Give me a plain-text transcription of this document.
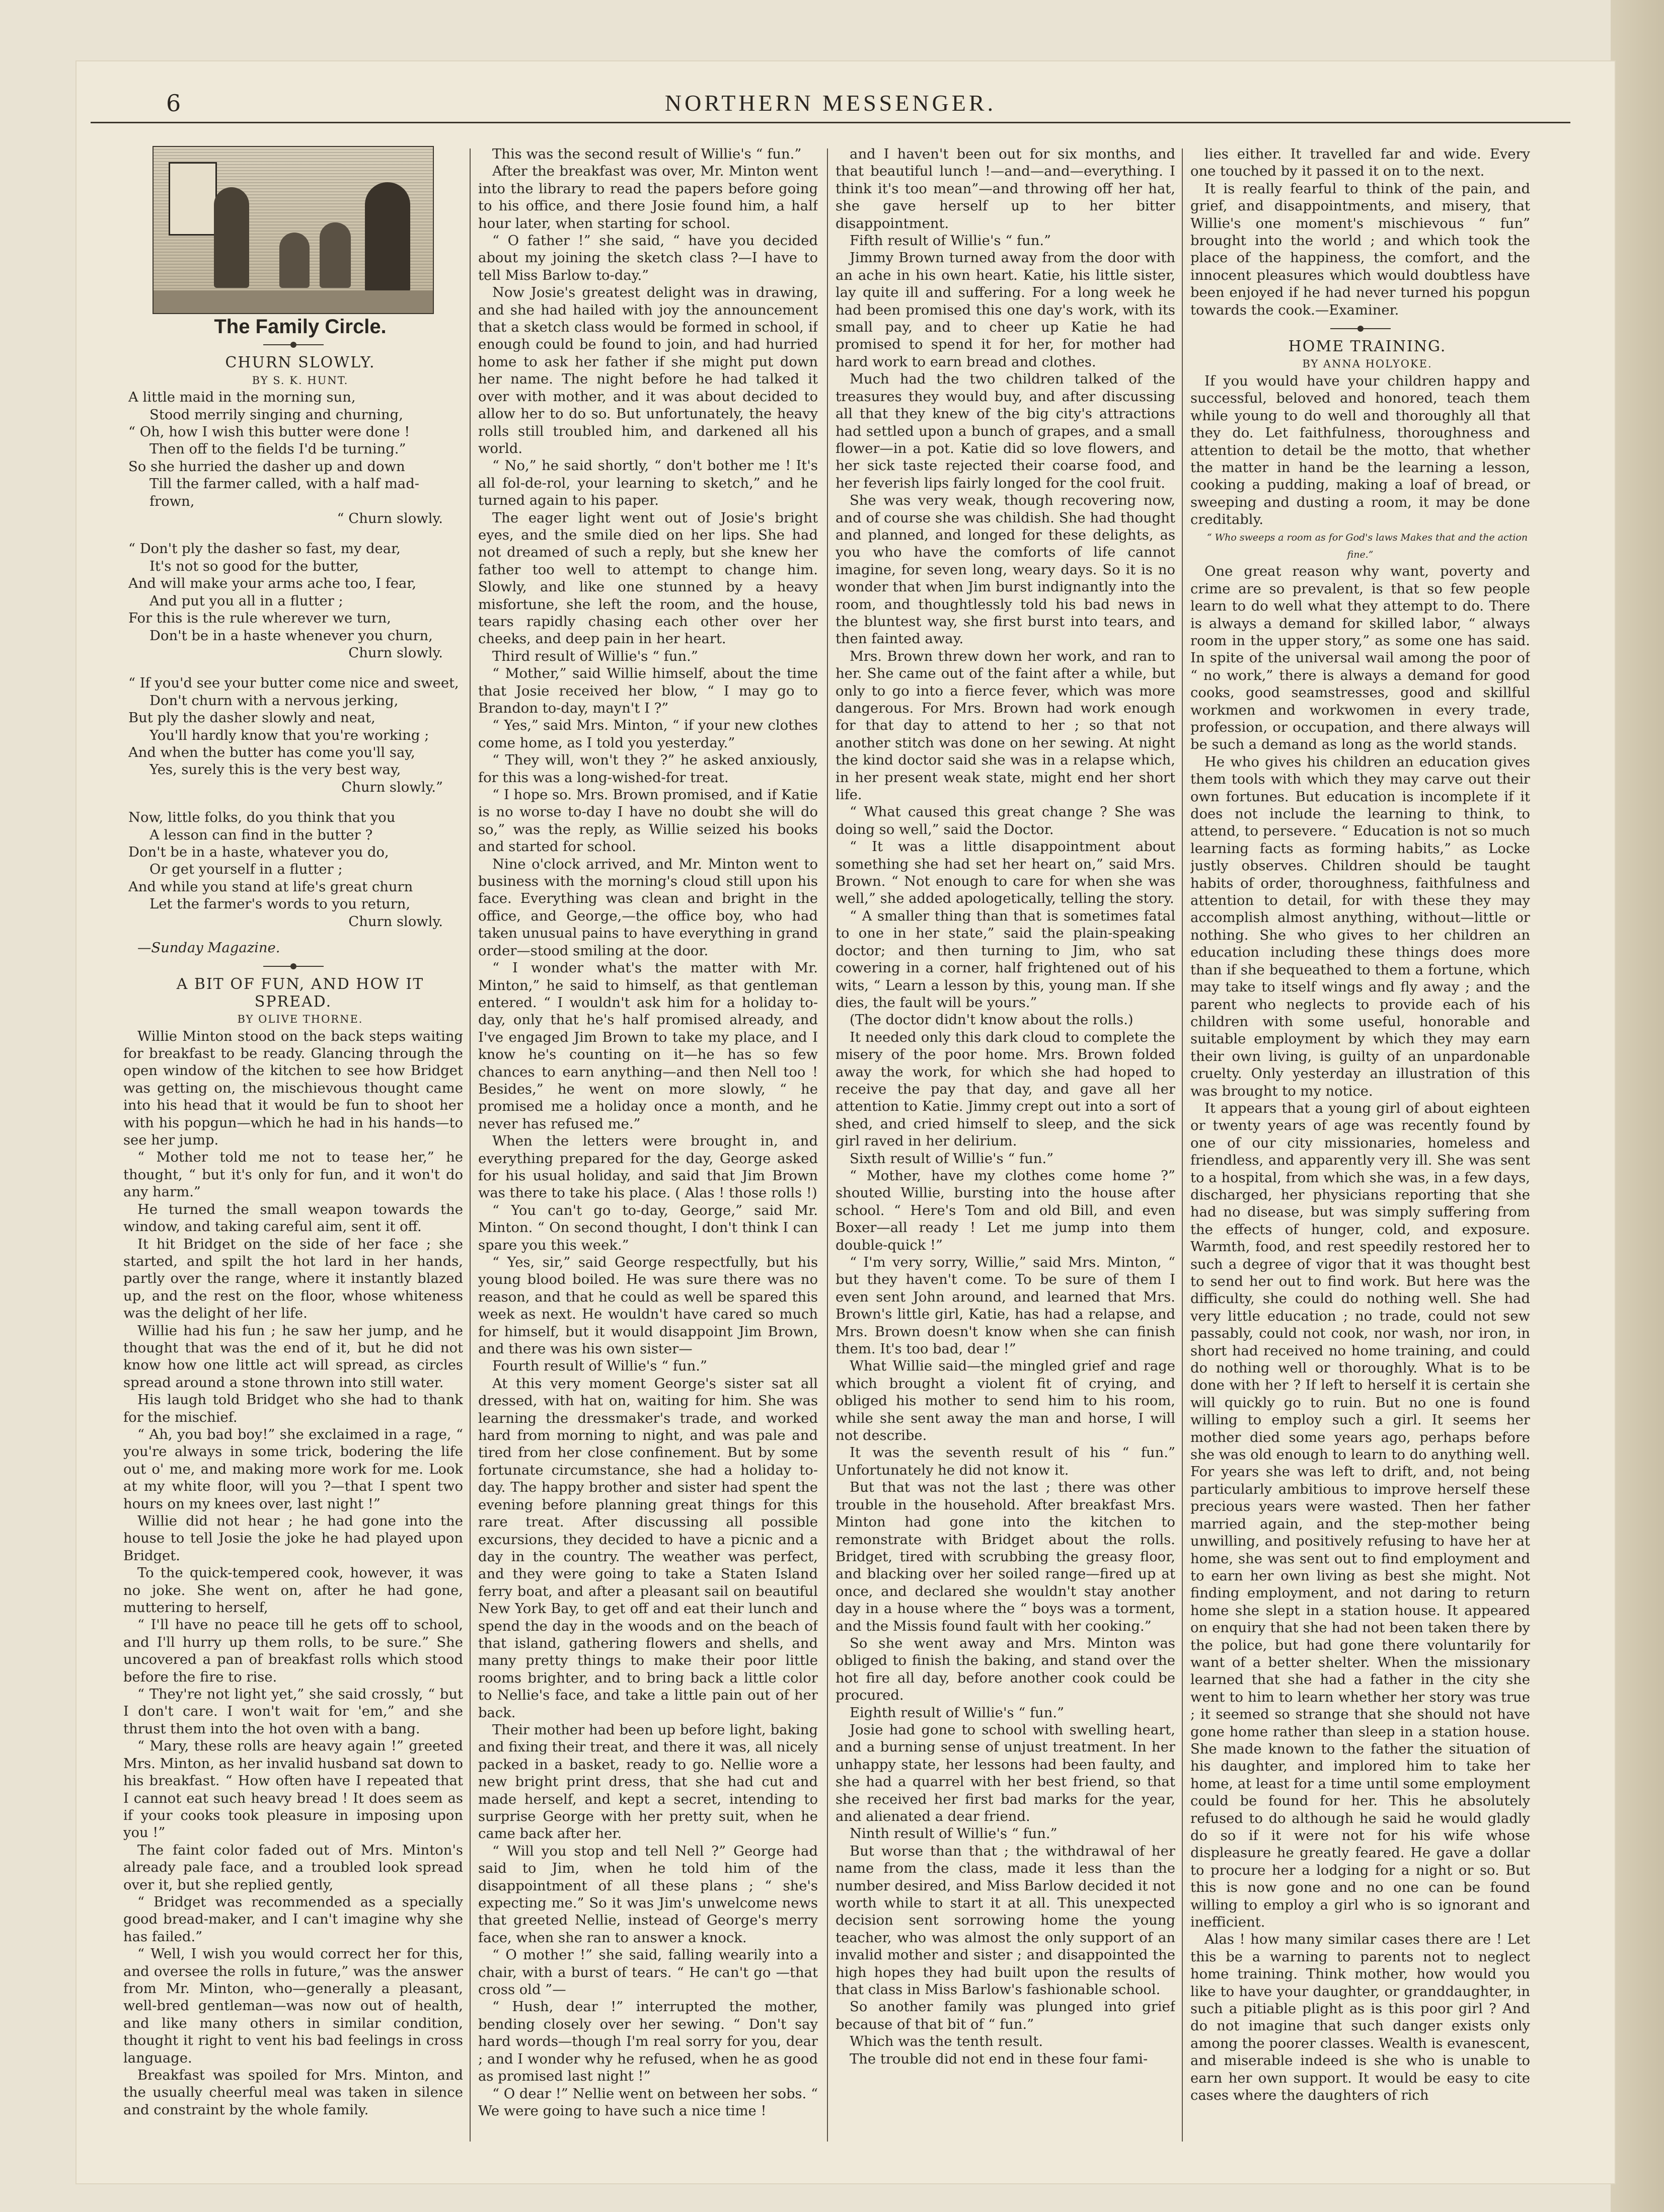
6	NORTHERN MESSENGER.

The Family Circle.

CHURN SLOWLY.

BY S. K. HUNT.

A little maid in the morning sun,
Stood merrily singing and churning,
“ Oh, how I wish this butter were done !
Then off to the fields I'd be turning.”
So she hurried the dasher up and down
Till the farmer called, with a half mad-frown,
“ Churn slowly.
“ Don't ply the dasher so fast, my dear,
It's not so good for the butter,
And will make your arms ache too, I fear,
And put you all in a flutter ;
For this is the rule wherever we turn,
Don't be in a haste whenever you churn,
Churn slowly.
“ If you'd see your butter come nice and sweet,
Don't churn with a nervous jerking,
But ply the dasher slowly and neat,
You'll hardly know that you're working ;
And when the butter has come you'll say,
Yes, surely this is the very best way,
Churn slowly.”
Now, little folks, do you think that you
A lesson can find in the butter ?
Don't be in a haste, whatever you do,
Or get yourself in a flutter ;
And while you stand at life's great churn
Let the farmer's words to you return,
Churn slowly.

—Sunday Magazine.

A BIT OF FUN, AND HOW IT SPREAD.

BY OLIVE THORNE.

Willie Minton stood on the back steps waiting for breakfast to be ready. Glancing through the open window of the kitchen to see how Bridget was getting on, the mischievous thought came into his head that it would be fun to shoot her with his popgun—which he had in his hands—to see her jump.

“ Mother told me not to tease her,” he thought, “ but it's only for fun, and it won't do any harm.”

He turned the small weapon towards the window, and taking careful aim, sent it off.

It hit Bridget on the side of her face ; she started, and spilt the hot lard in her hands, partly over the range, where it instantly blazed up, and the rest on the floor, whose whiteness was the delight of her life.

Willie had his fun ; he saw her jump, and he thought that was the end of it, but he did not know how one little act will spread, as circles spread around a stone thrown into still water.

His laugh told Bridget who she had to thank for the mischief.

“ Ah, you bad boy!” she exclaimed in a rage, “ you're always in some trick, bodering the life out o' me, and making more work for me. Look at my white floor, will you ?—that I spent two hours on my knees over, last night !”

Willie did not hear ; he had gone into the house to tell Josie the joke he had played upon Bridget.

To the quick-tempered cook, however, it was no joke. She went on, after he had gone, muttering to herself,

“ I'll have no peace till he gets off to school, and I'll hurry up them rolls, to be sure.” She uncovered a pan of breakfast rolls which stood before the fire to rise.

“ They're not light yet,” she said crossly, “ but I don't care. I won't wait for 'em,” and she thrust them into the hot oven with a bang.

“ Mary, these rolls are heavy again !” greeted Mrs. Minton, as her invalid husband sat down to his breakfast. “ How often have I repeated that I cannot eat such heavy bread ! It does seem as if your cooks took pleasure in imposing upon you !”

The faint color faded out of Mrs. Minton's already pale face, and a troubled look spread over it, but she replied gently,

“ Bridget was recommended as a specially good bread-maker, and I can't imagine why she has failed.”

“ Well, I wish you would correct her for this, and oversee the rolls in future,” was the answer from Mr. Minton, who—generally a pleasant, well-bred gentleman—was now out of health, and like many others in similar condition, thought it right to vent his bad feelings in cross language.

Breakfast was spoiled for Mrs. Minton, and the usually cheerful meal was taken in silence and constraint by the whole family.

This was the second result of Willie's “ fun.”

After the breakfast was over, Mr. Minton went into the library to read the papers before going to his office, and there Josie found him, a half hour later, when starting for school.

“ O father !” she said, “ have you decided about my joining the sketch class ?—I have to tell Miss Barlow to-day.”

Now Josie's greatest delight was in drawing, and she had hailed with joy the announcement that a sketch class would be formed in school, if enough could be found to join, and had hurried home to ask her father if she might put down her name. The night before he had talked it over with mother, and it was about decided to allow her to do so. But unfortunately, the heavy rolls still troubled him, and darkened all his world.

“ No,” he said shortly, “ don't bother me ! It's all fol-de-rol, your learning to sketch,” and he turned again to his paper.

The eager light went out of Josie's bright eyes, and the smile died on her lips. She had not dreamed of such a reply, but she knew her father too well to attempt to change him. Slowly, and like one stunned by a heavy misfortune, she left the room, and the house, tears rapidly chasing each other over her cheeks, and deep pain in her heart.

Third result of Willie's “ fun.”

“ Mother,” said Willie himself, about the time that Josie received her blow, “ I may go to Brandon to-day, mayn't I ?”

“ Yes,” said Mrs. Minton, “ if your new clothes come home, as I told you yesterday.”

“ They will, won't they ?” he asked anxiously, for this was a long-wished-for treat.

“ I hope so. Mrs. Brown promised, and if Katie is no worse to-day I have no doubt she will do so,” was the reply, as Willie seized his books and started for school.

Nine o'clock arrived, and Mr. Minton went to business with the morning's cloud still upon his face. Everything was clean and bright in the office, and George,—the office boy, who had taken unusual pains to have everything in grand order—stood smiling at the door.

“ I wonder what's the matter with Mr. Minton,” he said to himself, as that gentleman entered. “ I wouldn't ask him for a holiday to-day, only that he's half promised already, and I've engaged Jim Brown to take my place, and I know he's counting on it—he has so few chances to earn anything—and then Nell too ! Besides,” he went on more slowly, “ he promised me a holiday once a month, and he never has refused me.”

When the letters were brought in, and everything prepared for the day, George asked for his usual holiday, and said that Jim Brown was there to take his place. ( Alas ! those rolls !)

“ You can't go to-day, George,” said Mr. Minton. “ On second thought, I don't think I can spare you this week.”

“ Yes, sir,” said George respectfully, but his young blood boiled. He was sure there was no reason, and that he could as well be spared this week as next. He wouldn't have cared so much for himself, but it would disappoint Jim Brown, and there was his own sister—

Fourth result of Willie's “ fun.”

At this very moment George's sister sat all dressed, with hat on, waiting for him. She was learning the dressmaker's trade, and worked hard from morning to night, and was pale and tired from her close confinement. But by some fortunate circumstance, she had a holiday to-day. The happy brother and sister had spent the evening before planning great things for this rare treat. After discussing all possible excursions, they decided to have a picnic and a day in the country. The weather was perfect, and they were going to take a Staten Island ferry boat, and after a pleasant sail on beautiful New York Bay, to get off and eat their lunch and spend the day in the woods and on the beach of that island, gathering flowers and shells, and many pretty things to make their poor little rooms brighter, and to bring back a little color to Nellie's face, and take a little pain out of her back.

Their mother had been up before light, baking and fixing their treat, and there it was, all nicely packed in a basket, ready to go. Nellie wore a new bright print dress, that she had cut and made herself, and kept a secret, intending to surprise George with her pretty suit, when he came back after her.

“ Will you stop and tell Nell ?” George had said to Jim, when he told him of the disappointment of all these plans ; “ she's expecting me.” So it was Jim's unwelcome news that greeted Nellie, instead of George's merry face, when she ran to answer a knock.

“ O mother !” she said, falling wearily into a chair, with a burst of tears. “ He can't go —that cross old ”—

“ Hush, dear !” interrupted the mother, bending closely over her sewing. “ Don't say hard words—though I'm real sorry for you, dear ; and I wonder why he refused, when he as good as promised last night !”

“ O dear !” Nellie went on between her sobs. “ We were going to have such a nice time !

and I haven't been out for six months, and that beautiful lunch !—and—and—everything. I think it's too mean”—and throwing off her hat, she gave herself up to her bitter disappointment.

Fifth result of Willie's “ fun.”

Jimmy Brown turned away from the door with an ache in his own heart. Katie, his little sister, lay quite ill and suffering. For a long week he had been promised this one day's work, with its small pay, and to cheer up Katie he had promised to spend it for her, for mother had hard work to earn bread and clothes.

Much had the two children talked of the treasures they would buy, and after discussing all that they knew of the big city's attractions had settled upon a bunch of grapes, and a small flower—in a pot. Katie did so love flowers, and her sick taste rejected their coarse food, and her feverish lips fairly longed for the cool fruit.

She was very weak, though recovering now, and of course she was childish. She had thought and planned, and longed for these delights, as you who have the comforts of life cannot imagine, for seven long, weary days. So it is no wonder that when Jim burst indignantly into the room, and thoughtlessly told his bad news in the bluntest way, she first burst into tears, and then fainted away.

Mrs. Brown threw down her work, and ran to her. She came out of the faint after a while, but only to go into a fierce fever, which was more dangerous. For Mrs. Brown had work enough for that day to attend to her ; so that not another stitch was done on her sewing. At night the kind doctor said she was in a relapse which, in her present weak state, might end her short life.

“ What caused this great change ? She was doing so well,” said the Doctor.

“ It was a little disappointment about something she had set her heart on,” said Mrs. Brown. “ Not enough to care for when she was well,” she added apologetically, telling the story.

“ A smaller thing than that is sometimes fatal to one in her state,” said the plain-speaking doctor; and then turning to Jim, who sat cowering in a corner, half frightened out of his wits, “ Learn a lesson by this, young man. If she dies, the fault will be yours.”

(The doctor didn't know about the rolls.)

It needed only this dark cloud to complete the misery of the poor home. Mrs. Brown folded away the work, for which she had hoped to receive the pay that day, and gave all her attention to Katie. Jimmy crept out into a sort of shed, and cried himself to sleep, and the sick girl raved in her delirium.

Sixth result of Willie's “ fun.”

“ Mother, have my clothes come home ?” shouted Willie, bursting into the house after school. “ Here's Tom and old Bill, and even Boxer—all ready ! Let me jump into them double-quick !”

“ I'm very sorry, Willie,” said Mrs. Minton, “ but they haven't come. To be sure of them I even sent John around, and learned that Mrs. Brown's little girl, Katie, has had a relapse, and Mrs. Brown doesn't know when she can finish them. It's too bad, dear !”

What Willie said—the mingled grief and rage which brought a violent fit of crying, and obliged his mother to send him to his room, while she sent away the man and horse, I will not describe.

It was the seventh result of his “ fun.” Unfortunately he did not know it.

But that was not the last ; there was other trouble in the household. After breakfast Mrs. Minton had gone into the kitchen to remonstrate with Bridget about the rolls. Bridget, tired with scrubbing the greasy floor, and blacking over her soiled range—fired up at once, and declared she wouldn't stay another day in a house where the “ boys was a torment, and the Missis found fault with her cooking.”

So she went away and Mrs. Minton was obliged to finish the baking, and stand over the hot fire all day, before another cook could be procured.

Eighth result of Willie's “ fun.”

Josie had gone to school with swelling heart, and a burning sense of unjust treatment. In her unhappy state, her lessons had been faulty, and she had a quarrel with her best friend, so that she received her first bad marks for the year, and alienated a dear friend.

Ninth result of Willie's “ fun.”

But worse than that ; the withdrawal of her name from the class, made it less than the number desired, and Miss Barlow decided it not worth while to start it at all. This unexpected decision sent sorrowing home the young teacher, who was almost the only support of an invalid mother and sister ; and disappointed the high hopes they had built upon the results of that class in Miss Barlow's fashionable school.

So another family was plunged into grief because of that bit of “ fun.”

Which was the tenth result.

The trouble did not end in these four fami-

lies either. It travelled far and wide. Every one touched by it passed it on to the next.

It is really fearful to think of the pain, and grief, and disappointments, and misery, that Willie's one moment's mischievous “ fun” brought into the world ; and which took the place of the happiness, the comfort, and the innocent pleasures which would doubtless have been enjoyed if he had never turned his popgun towards the cook.—Examiner.

HOME TRAINING.

BY ANNA HOLYOKE.

If you would have your children happy and successful, beloved and honored, teach them while young to do well and thoroughly all that they do. Let faithfulness, thoroughness and attention to detail be the motto, that whether the matter in hand be the learning a lesson, cooking a pudding, making a loaf of bread, or sweeping and dusting a room, it may be done creditably.

“ Who sweeps a room as for God's laws Makes that and the action fine.”

One great reason why want, poverty and crime are so prevalent, is that so few people learn to do well what they attempt to do. There is always a demand for skilled labor, “ always room in the upper story,” as some one has said. In spite of the universal wail among the poor of “ no work,” there is always a demand for good cooks, good seamstresses, good and skillful workmen and workwomen in every trade, profession, or occupation, and there always will be such a demand as long as the world stands.

He who gives his children an education gives them tools with which they may carve out their own fortunes. But education is incomplete if it does not include the learning to think, to attend, to persevere. “ Education is not so much learning facts as forming habits,” as Locke justly observes. Children should be taught habits of order, thoroughness, faithfulness and attention to detail, for with these they may accomplish almost anything, without—little or nothing. She who gives to her children an education including these things does more than if she bequeathed to them a fortune, which may take to itself wings and fly away ; and the parent who neglects to provide each of his children with some useful, honorable and suitable employment by which they may earn their own living, is guilty of an unpardonable cruelty. Only yesterday an illustration of this was brought to my notice.

It appears that a young girl of about eighteen or twenty years of age was recently found by one of our city missionaries, homeless and friendless, and apparently very ill. She was sent to a hospital, from which she was, in a few days, discharged, her physicians reporting that she had no disease, but was simply suffering from the effects of hunger, cold, and exposure. Warmth, food, and rest speedily restored her to such a degree of vigor that it was thought best to send her out to find work. But here was the difficulty, she could do nothing well. She had very little education ; no trade, could not sew passably, could not cook, nor wash, nor iron, in short had received no home training, and could do nothing well or thoroughly. What is to be done with her ? If left to herself it is certain she will quickly go to ruin. But no one is found willing to employ such a girl. It seems her mother died some years ago, perhaps before she was old enough to learn to do anything well. For years she was left to drift, and, not being particularly ambitious to improve herself these precious years were wasted. Then her father married again, and the step-mother being unwilling, and positively refusing to have her at home, she was sent out to find employment and to earn her own living as best she might. Not finding employment, and not daring to return home she slept in a station house. It appeared on enquiry that she had not been taken there by the police, but had gone there voluntarily for want of a better shelter. When the missionary learned that she had a father in the city she went to him to learn whether her story was true ; it seemed so strange that she should not have gone home rather than sleep in a station house. She made known to the father the situation of his daughter, and implored him to take her home, at least for a time until some employment could be found for her. This he absolutely refused to do although he said he would gladly do so if it were not for his wife whose displeasure he greatly feared. He gave a dollar to procure her a lodging for a night or so. But this is now gone and no one can be found willing to employ a girl who is so ignorant and inefficient.

Alas ! how many similar cases there are ! Let this be a warning to parents not to neglect home training. Think mother, how would you like to have your daughter, or granddaughter, in such a pitiable plight as is this poor girl ? And do not imagine that such danger exists only among the poorer classes. Wealth is evanescent, and miserable indeed is she who is unable to earn her own support. It would be easy to cite cases where the daughters of rich
